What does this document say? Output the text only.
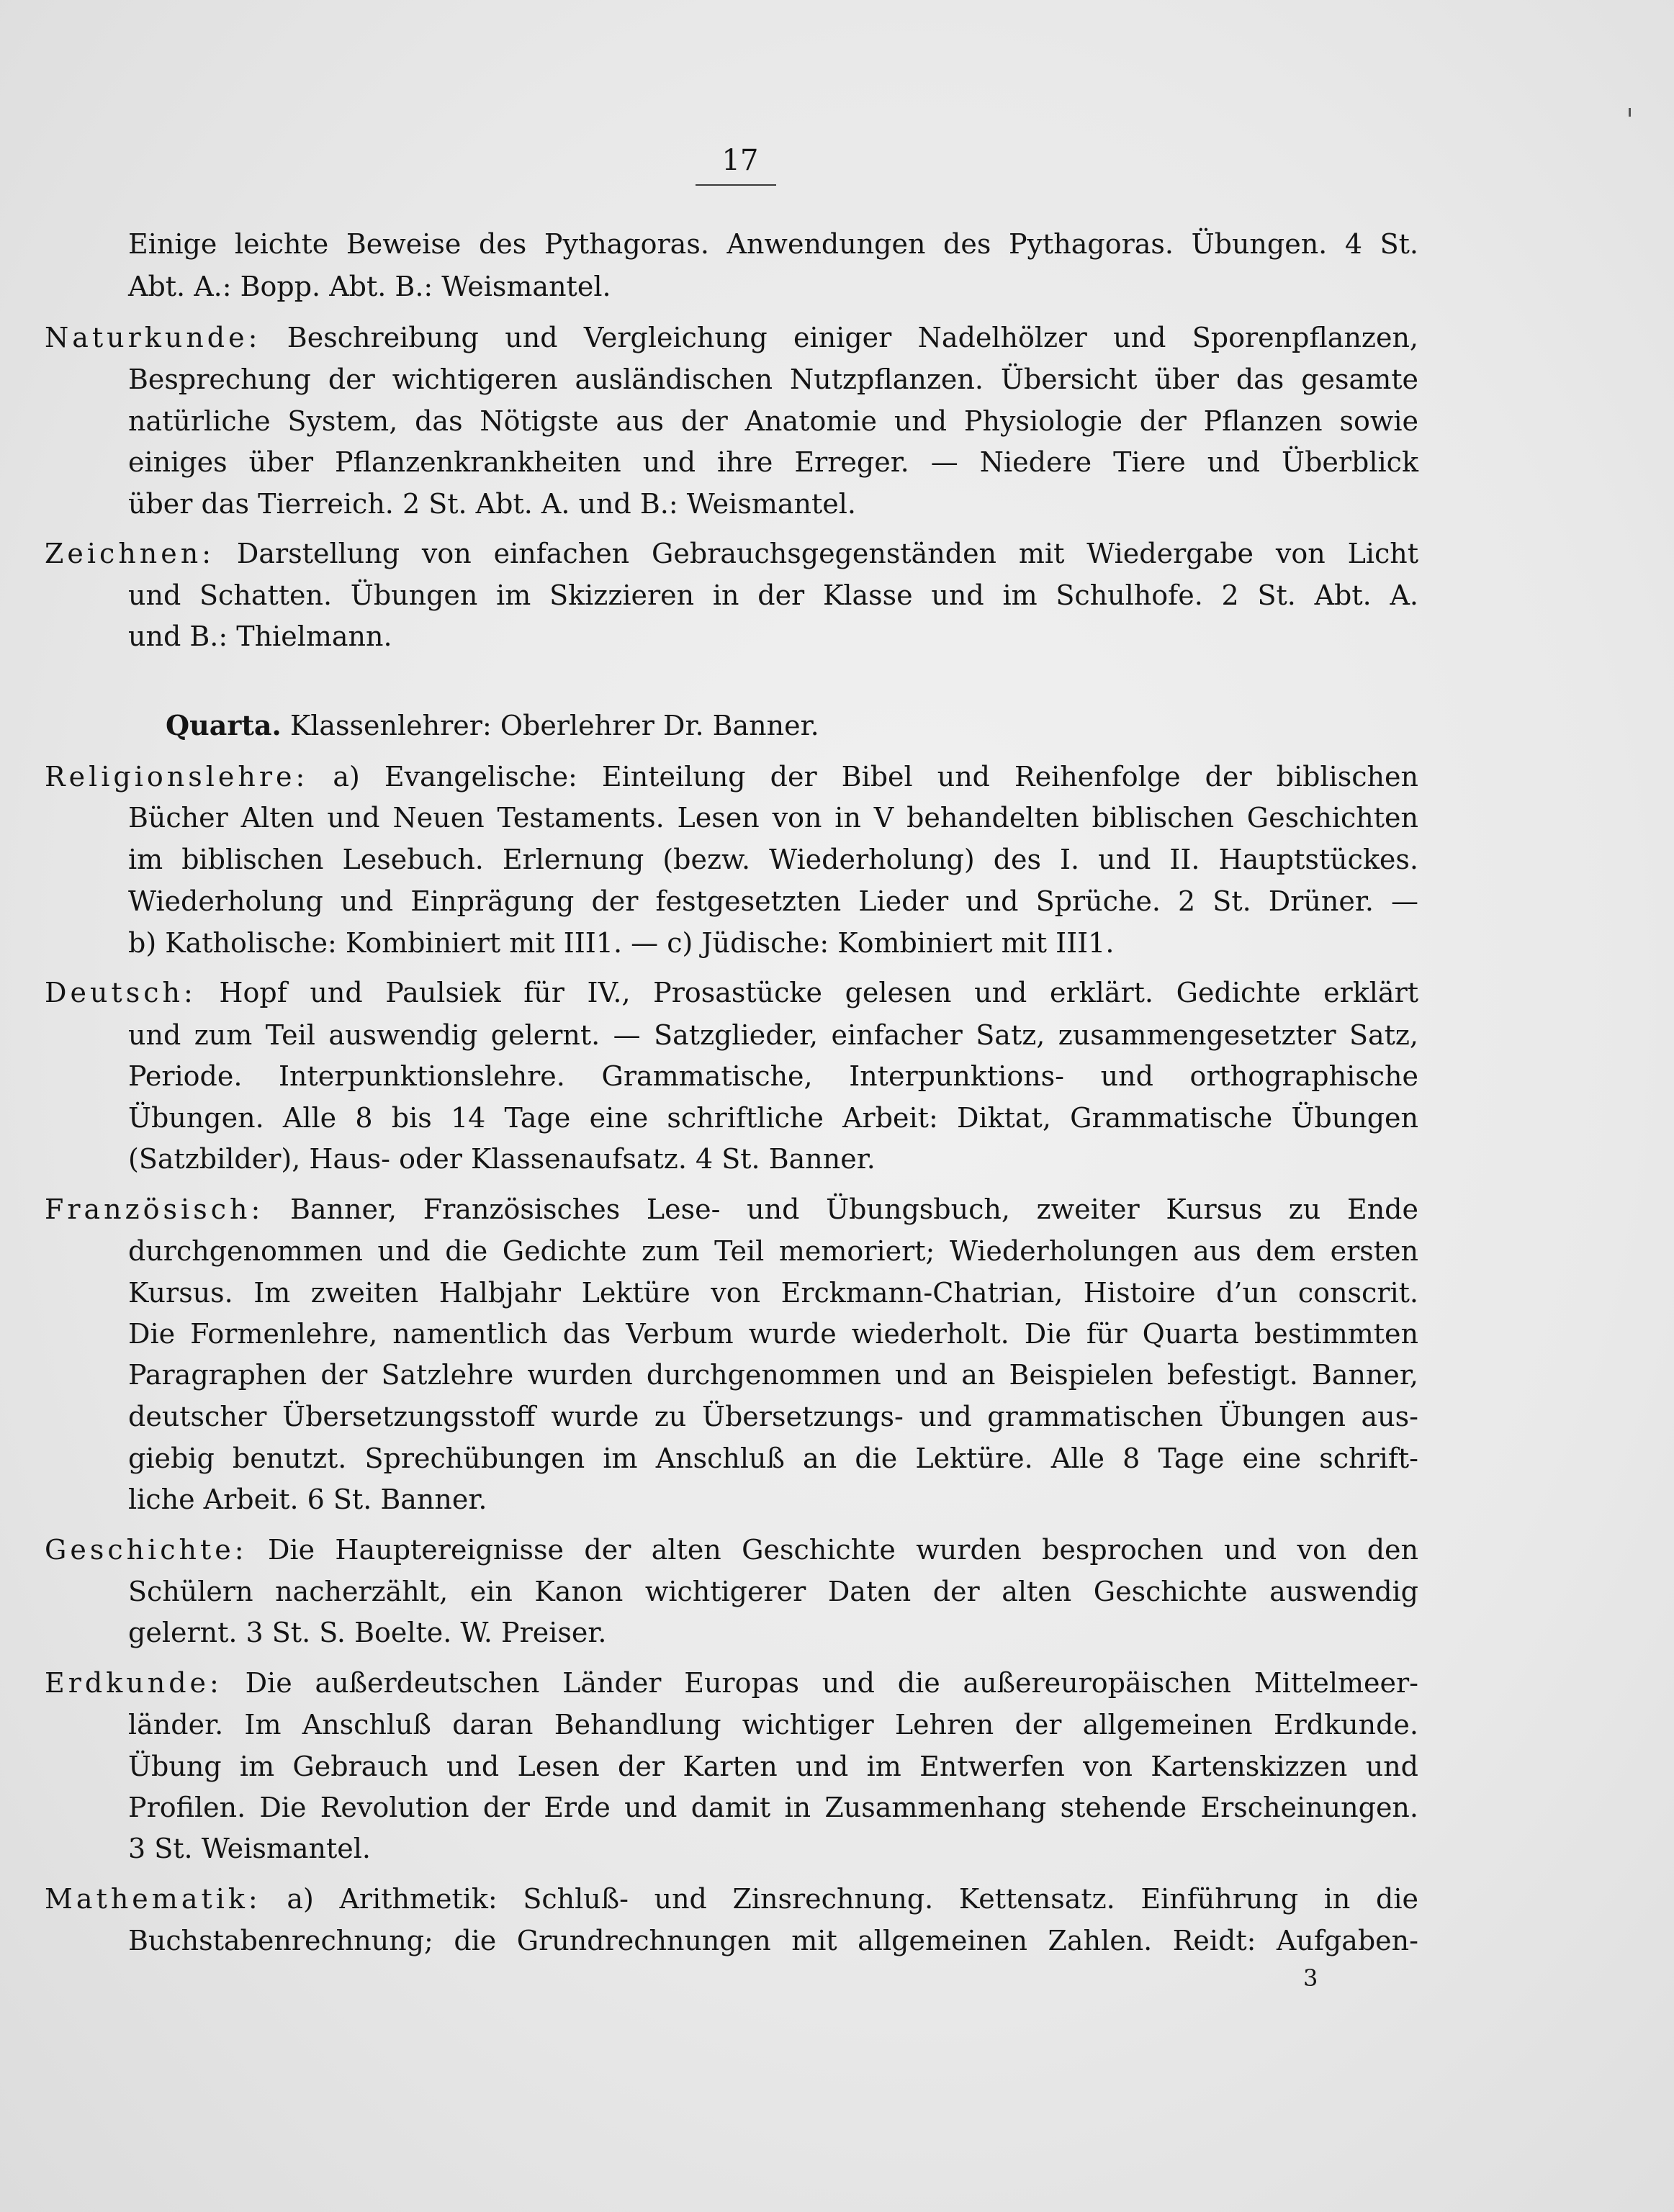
17
Einige leichte Beweise des Pythagoras. Anwendungen des Pythagoras. Übungen. 4 St.
Abt. A.: Bopp. Abt. B.: Weismantel.
Naturkunde: Beschreibung und Vergleichung einiger Nadelhölzer und Sporenpflanzen,
Besprechung der wichtigeren ausländischen Nutzpflanzen. Übersicht über das gesamte
natürliche System, das Nötigste aus der Anatomie und Physiologie der Pflanzen sowie
einiges über Pflanzenkrankheiten und ihre Erreger. — Niedere Tiere und Überblick
über das Tierreich. 2 St. Abt. A. und B.: Weismantel.
Zeichnen: Darstellung von einfachen Gebrauchsgegenständen mit Wiedergabe von Licht
und Schatten. Übungen im Skizzieren in der Klasse und im Schulhofe. 2 St. Abt. A.
und B.: Thielmann.
Quarta. Klassenlehrer: Oberlehrer Dr. Banner.
Religionslehre: a) Evangelische: Einteilung der Bibel und Reihenfolge der biblischen
Bücher Alten und Neuen Testaments. Lesen von in V behandelten biblischen Geschichten
im biblischen Lesebuch. Erlernung (bezw. Wiederholung) des I. und II. Hauptstückes.
Wiederholung und Einprägung der festgesetzten Lieder und Sprüche. 2 St. Drüner. —
b) Katholische: Kombiniert mit III1. — c) Jüdische: Kombiniert mit III1.
Deutsch: Hopf und Paulsiek für IV., Prosastücke gelesen und erklärt. Gedichte erklärt
und zum Teil auswendig gelernt. — Satzglieder, einfacher Satz, zusammengesetzter Satz,
Periode. Interpunktionslehre. Grammatische, Interpunktions- und orthographische
Übungen. Alle 8 bis 14 Tage eine schriftliche Arbeit: Diktat, Grammatische Übungen
(Satzbilder), Haus- oder Klassenaufsatz. 4 St. Banner.
Französisch: Banner, Französisches Lese- und Übungsbuch, zweiter Kursus zu Ende
durchgenommen und die Gedichte zum Teil memoriert; Wiederholungen aus dem ersten
Kursus. Im zweiten Halbjahr Lektüre von Erckmann-Chatrian, Histoire d’un conscrit.
Die Formenlehre, namentlich das Verbum wurde wiederholt. Die für Quarta bestimmten
Paragraphen der Satzlehre wurden durchgenommen und an Beispielen befestigt. Banner,
deutscher Übersetzungsstoff wurde zu Übersetzungs- und grammatischen Übungen aus-
giebig benutzt. Sprechübungen im Anschluß an die Lektüre. Alle 8 Tage eine schrift-
liche Arbeit. 6 St. Banner.
Geschichte: Die Hauptereignisse der alten Geschichte wurden besprochen und von den
Schülern nacherzählt, ein Kanon wichtigerer Daten der alten Geschichte auswendig
gelernt. 3 St. S. Boelte. W. Preiser.
Erdkunde: Die außerdeutschen Länder Europas und die außereuropäischen Mittelmeer-
länder. Im Anschluß daran Behandlung wichtiger Lehren der allgemeinen Erdkunde.
Übung im Gebrauch und Lesen der Karten und im Entwerfen von Kartenskizzen und
Profilen. Die Revolution der Erde und damit in Zusammenhang stehende Erscheinungen.
3 St. Weismantel.
Mathematik: a) Arithmetik: Schluß- und Zinsrechnung. Kettensatz. Einführung in die
Buchstabenrechnung; die Grundrechnungen mit allgemeinen Zahlen. Reidt: Aufgaben-
3
